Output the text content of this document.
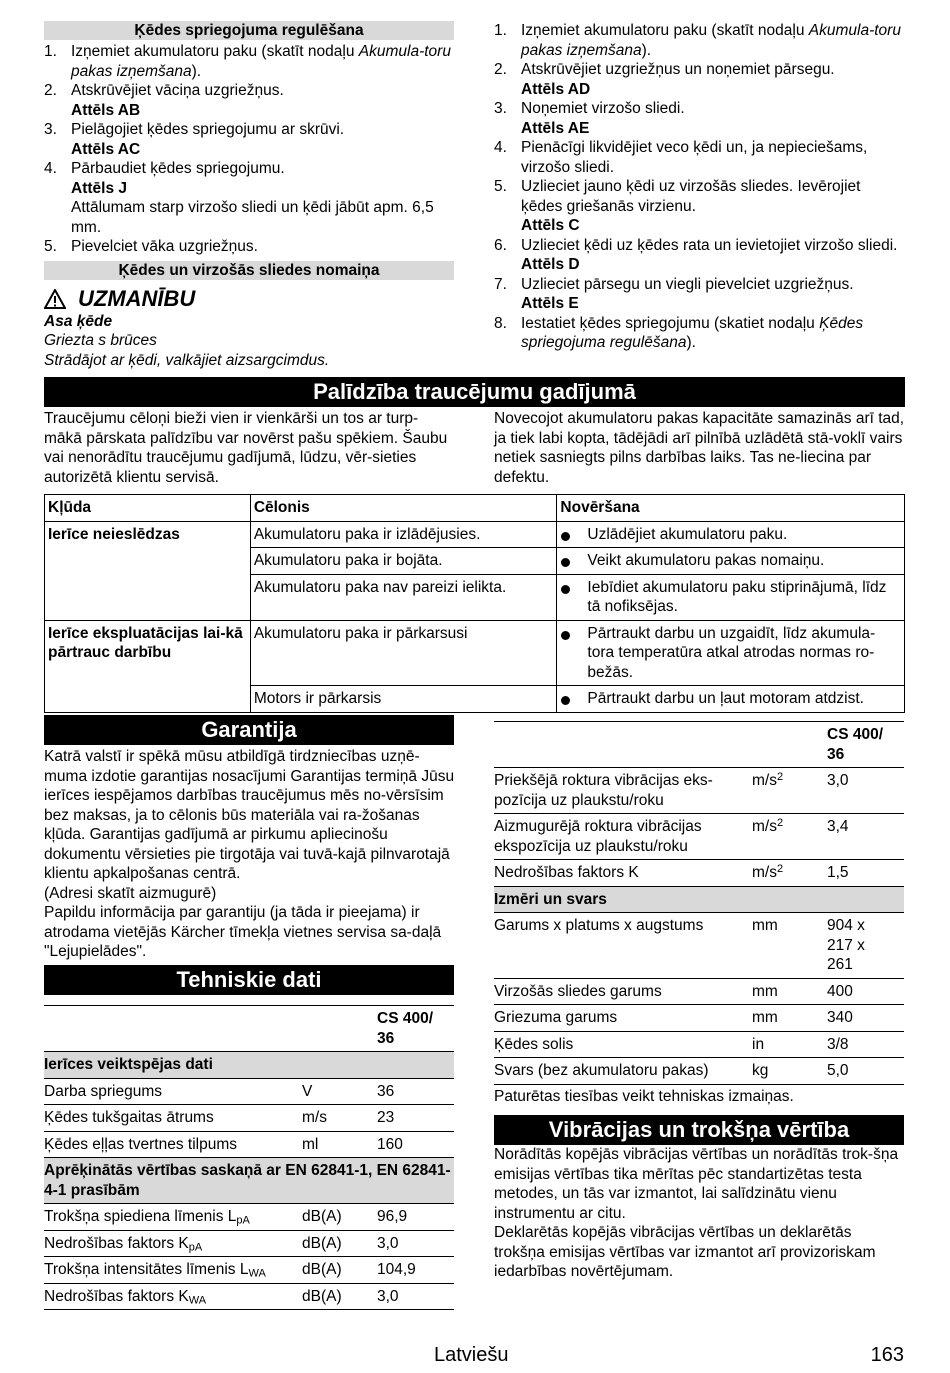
Ķēdes spriegojuma regulēšana
1. Izņemiet akumulatoru paku (skatīt nodaļu Akumula-toru pakas izņemšana).
2. Atskrūvējiet vāciņa uzgriežņus.
Attēls AB
3. Pielāgojiet ķēdes spriegojumu ar skrūvi.
Attēls AC
4. Pārbaudiet ķēdes spriegojumu.
Attēls J
Attālumam starp virzošo sliedi un ķēdi jābūt apm. 6,5 mm.
5. Pievelciet vāka uzgriežņus.
Ķēdes un virzošās sliedes nomaiņa
UZMANĪBU
Asa ķēde
Griezta s brūces
Strādājot ar ķēdi, valkājiet aizsargcimdus.
1. Izņemiet akumulatoru paku (skatīt nodaļu Akumula-toru pakas izņemšana).
2. Atskrūvējiet uzgriežņus un noņemiet pārsegu.
Attēls AD
3. Noņemiet virzošo sliedi.
Attēls AE
4. Pienācīgi likvidējiet veco ķēdi un, ja nepieciešams, virzošo sliedi.
5. Uzlieciet jauno ķēdi uz virzošās sliedes. Ievērojiet ķēdes griešanās virzienu.
Attēls C
6. Uzlieciet ķēdi uz ķēdes rata un ievietojiet virzošo sliedi.
Attēls D
7. Uzlieciet pārsegu un viegli pievelciet uzgriežņus.
Attēls E
8. Iestatiet ķēdes spriegojumu (skatiet nodaļu Ķēdes spriegojuma regulēšana).
Palīdzība traucējumu gadījumā

Traucējumu cēloņi bieži vien ir vienkārši un tos ar turp-mākā pārskata palīdzību var novērst pašu spēkiem. Šaubu vai nenorādītu traucējumu gadījumā, lūdzu, vēr-sieties autorizētā klientu servisā.

Novecojot akumulatoru pakas kapacitāte samazinās arī tad, ja tiek labi kopta, tādējādi arī pilnībā uzlādētā stā-voklī vairs netiek sasniegts pilns darbības laiks. Tas ne-liecina par defektu.

Kļūda	Cēlonis	Novēršana
Ierīce neieslēdzas	Akumulatoru paka ir izlādējusies.	Uzlādējiet akumulatoru paku.
	Akumulatoru paka ir bojāta.	Veikt akumulatoru pakas nomaiņu.
	Akumulatoru paka nav pareizi ielikta.	Iebīdiet akumulatoru paku stiprinājumā, līdz tā nofiksējas.
Ierīce ekspluatācijas lai-kā pārtrauc darbību	Akumulatoru paka ir pārkarsusi	Pārtraukt darbu un uzgaidīt, līdz akumula-tora temperatūra atkal atrodas normas ro-bežās.
	Motors ir pārkarsis	Pārtraukt darbu un ļaut motoram atdzist.
Garantija

Katrā valstī ir spēkā mūsu atbildīgā tirdzniecības uzņē-muma izdotie garantijas nosacījumi Garantijas termiņā Jūsu ierīces iespējamos darbības traucējumus mēs no-vērsīsim bez maksas, ja to cēlonis būs materiāla vai ra-žošanas kļūda. Garantijas gadījumā ar pirkumu apliecinošu dokumentu vērsieties pie tirgotāja vai tuvā-kajā pilnvarotajā klientu apkalpošanas centrā.

(Adresi skatīt aizmugurē)

Papildu informācija par garantiju (ja tāda ir pieejama) ir atrodama vietējās Kärcher tīmekļa vietnes servisa sa-daļā "Lejupielādes".

Tehniskie dati
		CS 400/ 36
Ierīces veiktspējas dati		
Darba spriegums	V	36
Ķēdes tukšgaitas ātrums	m/s	23
Ķēdes eļļas tvertnes tilpums	ml	160
Aprēķinātās vērtības saskaņā ar EN 62841-1, EN 62841-4-1 prasībām		
Trokšņa spiediena līmenis LpA	dB(A)	96,9
Nedrošības faktors KpA	dB(A)	3,0
Trokšņa intensitātes līmenis LWA	dB(A)	104,9
Nedrošības faktors KWA	dB(A)	3,0
		CS 400/ 36
Priekšējā roktura vibrācijas eks-pozīcija uz plaukstu/roku	$m/s^2$	3,0
Aizmugurējā roktura vibrācijas ekspozīcija uz plaukstu/roku	$m/s^2$	3,4
Nedrošības faktors K	$m/s^2$	1,5
Izmēri un svars		
Garums x platums x augstums	mm	904 x 217 x 261
Virzošās sliedes garums	mm	400
Griezuma garums	mm	340
Ķēdes solis	in	3/8
Svars (bez akumulatoru pakas)	kg	5,0
Paturētas tiesības veikt tehniskas izmaiņas.
Vibrācijas un trokšņa vērtība

Norādītās kopējās vibrācijas vērtības un norādītās trok-šņa emisijas vērtības tika mērītas pēc standartizētas testa metodes, un tās var izmantot, lai salīdzinātu vienu instrumentu ar citu.

Deklarētās kopējās vibrācijas vērtības un deklarētās trokšņa emisijas vērtības var izmantot arī provizoriskam iedarbības novērtējumam.

Latviešu	163
